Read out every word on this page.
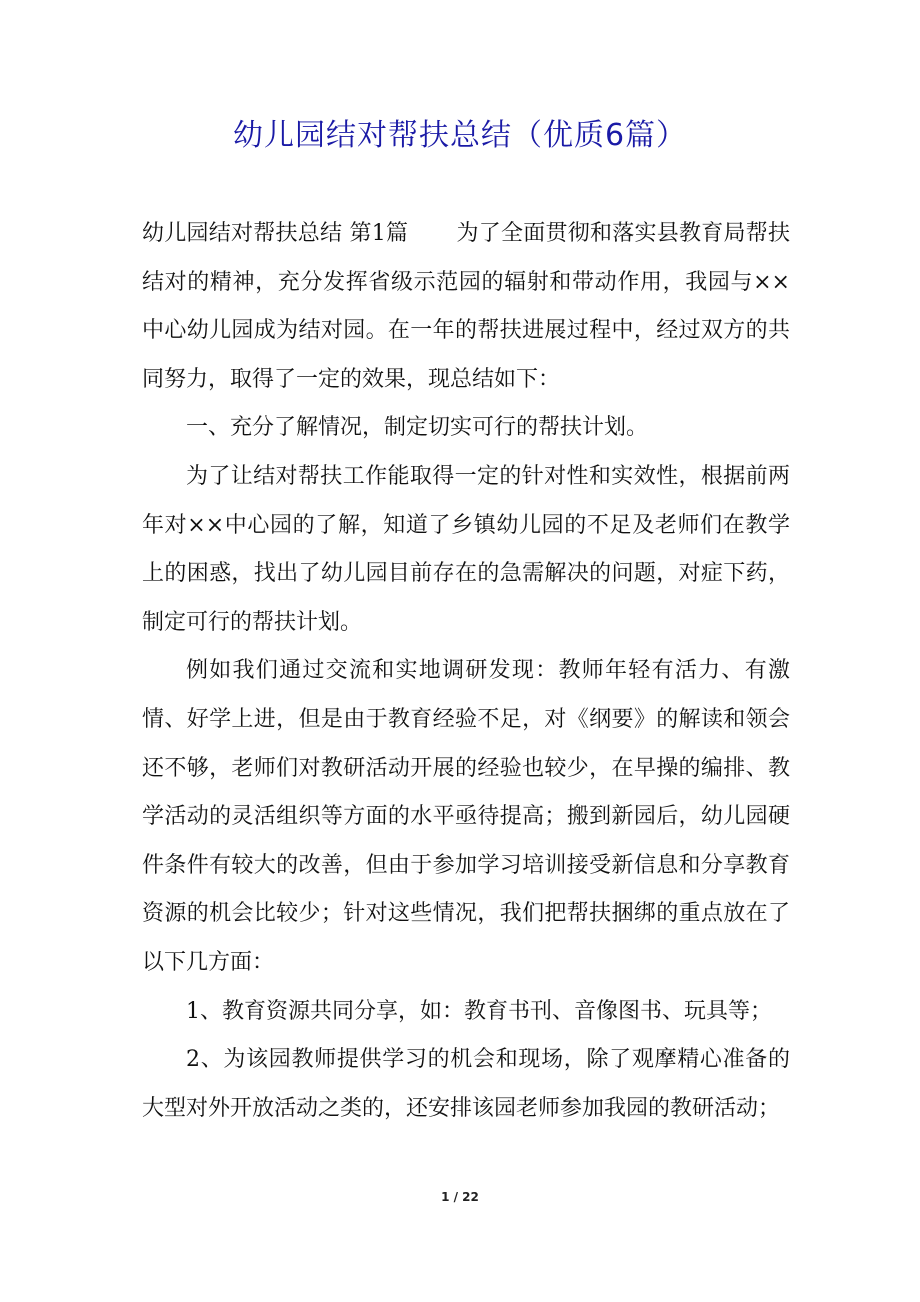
幼儿园结对帮扶总结（优质6篇）

幼儿园结对帮扶总结 第1篇 为了全面贯彻和落实县教育局帮扶结对的精神，充分发挥省级示范园的辐射和带动作用，我园与××中心幼儿园成为结对园。在一年的帮扶进展过程中，经过双方的共同努力，取得了一定的效果，现总结如下：

一、充分了解情况，制定切实可行的帮扶计划。

为了让结对帮扶工作能取得一定的针对性和实效性，根据前两年对××中心园的了解，知道了乡镇幼儿园的不足及老师们在教学上的困惑，找出了幼儿园目前存在的急需解决的问题，对症下药，制定可行的帮扶计划。

例如我们通过交流和实地调研发现：教师年轻有活力、有激情、好学上进，但是由于教育经验不足，对《纲要》的解读和领会还不够，老师们对教研活动开展的经验也较少，在早操的编排、教学活动的灵活组织等方面的水平亟待提高；搬到新园后，幼儿园硬件条件有较大的改善，但由于参加学习培训接受新信息和分享教育资源的机会比较少；针对这些情况，我们把帮扶捆绑的重点放在了以下几方面：

1、教育资源共同分享，如：教育书刊、音像图书、玩具等；

2、为该园教师提供学习的机会和现场，除了观摩精心准备的大型对外开放活动之类的，还安排该园老师参加我园的教研活动；

1 / 22
